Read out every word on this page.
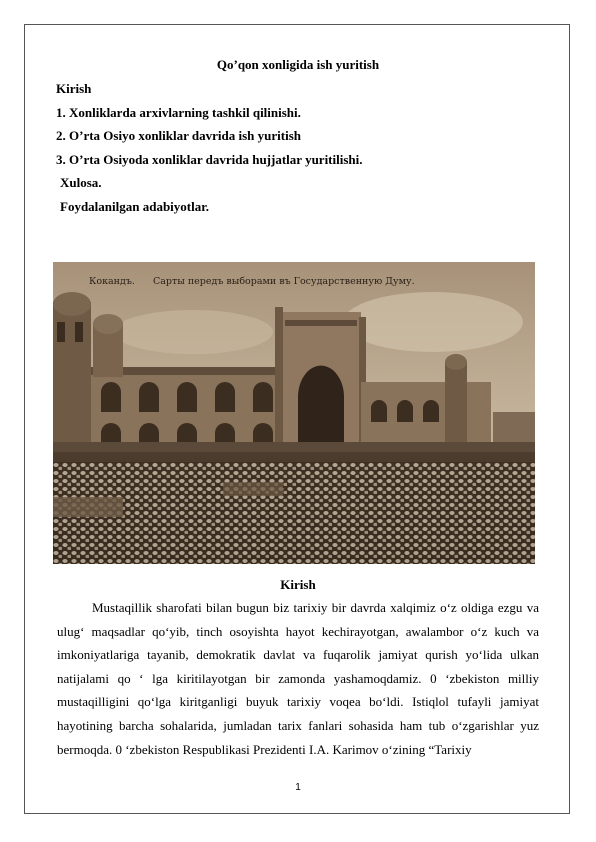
Qo’qon xonligida ish yuritish
Kirish
1. Xonliklarda arxivlarning tashkil qilinishi.
2. O’rta Osiyo xonliklar davrida ish yuritish
3. O’rta Osiyoda xonliklar davrida hujjatlar yuritilishi.
Xulosa.
Foydalanilgan adabiyotlar.
Кокандъ. Сарты передъ выборами въ Государственную Думу.
Kirish

Mustaqillik sharofati bilan bugun biz tarixiy bir davrda xalqimiz o‘z oldiga ezgu va ulug‘ maqsadlar qo‘yib, tinch osoyishta hayot kechirayotgan, awalambor o‘z kuch va imkoniyatlariga tayanib, demokratik davlat va fuqarolik jamiyat qurish yo‘lida ulkan natijalami qo ‘ lga kiritilayotgan bir zamonda yashamoqdamiz. 0 ‘zbekiston milliy mustaqilligini qo‘lga kiritganligi buyuk tarixiy voqea bo‘ldi. Istiqlol tufayli jamiyat hayotining barcha sohalarida, jumladan tarix fanlari sohasida ham tub o‘zgarishlar yuz bermoqda. 0 ‘zbekiston Respublikasi Prezidenti I.A. Karimov o‘zining “Tarixiy

1
